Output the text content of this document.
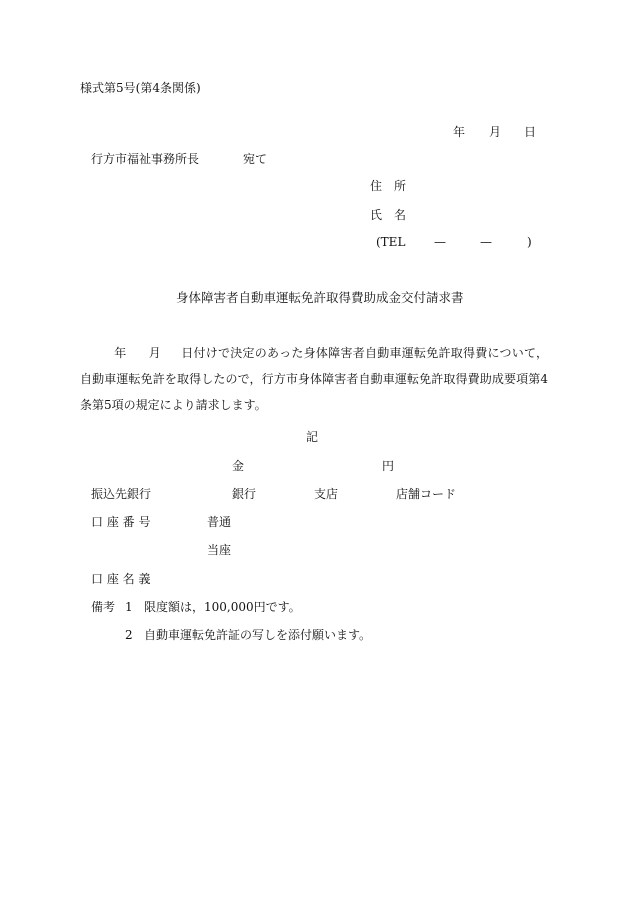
様式第5号(第4条関係)
年 月 日
行方市福祉事務所長	宛て
住　所
氏　名
(TEL —	—	)
身体障害者自動車運転免許取得費助成金交付請求書
年 月 日付けで決定のあった身体障害者自動車運転免許取得費について，自動車運転免許を取得したので，行方市身体障害者自動車運転免許取得費助成要項第4条第5項の規定により請求します。
記
金	円
振込先銀行	銀行	支店	店舗コード
口 座 番 号	普通
当座
口 座 名 義
備考 1 限度額は，100,000円です。
2 自動車運転免許証の写しを添付願います。
